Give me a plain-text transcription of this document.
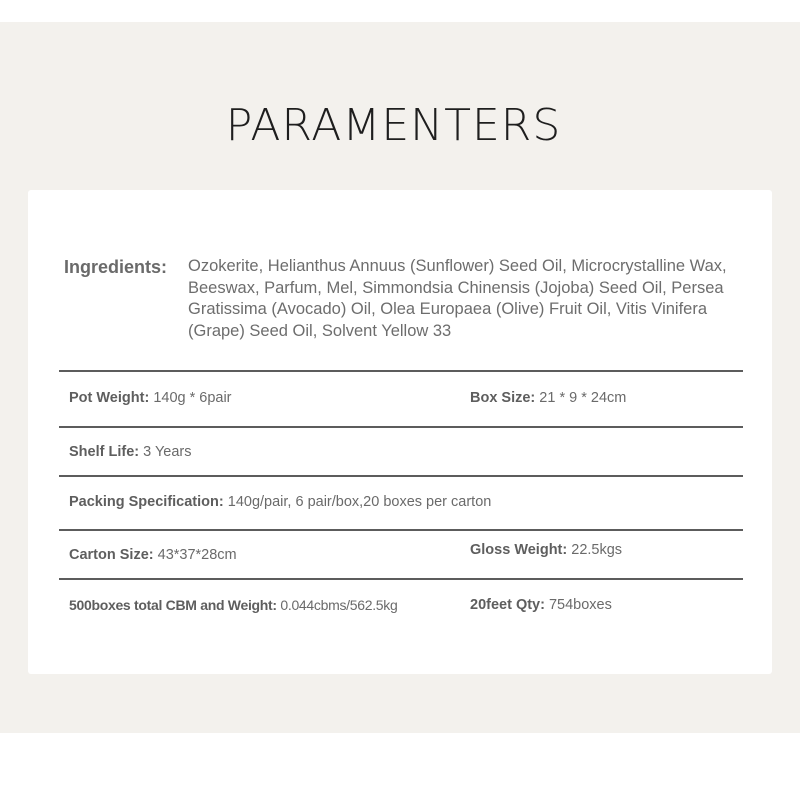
PARAMENTERS
Ingredients: Ozokerite, Helianthus Annuus (Sunflower) Seed Oil, Microcrystalline Wax, Beeswax, Parfum, Mel, Simmondsia Chinensis (Jojoba) Seed Oil, Persea Gratissima (Avocado) Oil, Olea Europaea (Olive) Fruit Oil, Vitis Vinifera (Grape) Seed Oil, Solvent Yellow 33
Pot Weight: 140g * 6pair	Box Size: 21 * 9 * 24cm
Shelf Life: 3 Years
Packing Specification: 140g/pair, 6 pair/box,20 boxes per carton
Carton Size: 43*37*28cm	Gloss Weight: 22.5kgs
500boxes total CBM and Weight: 0.044cbms/562.5kg	20feet Qty: 754boxes
